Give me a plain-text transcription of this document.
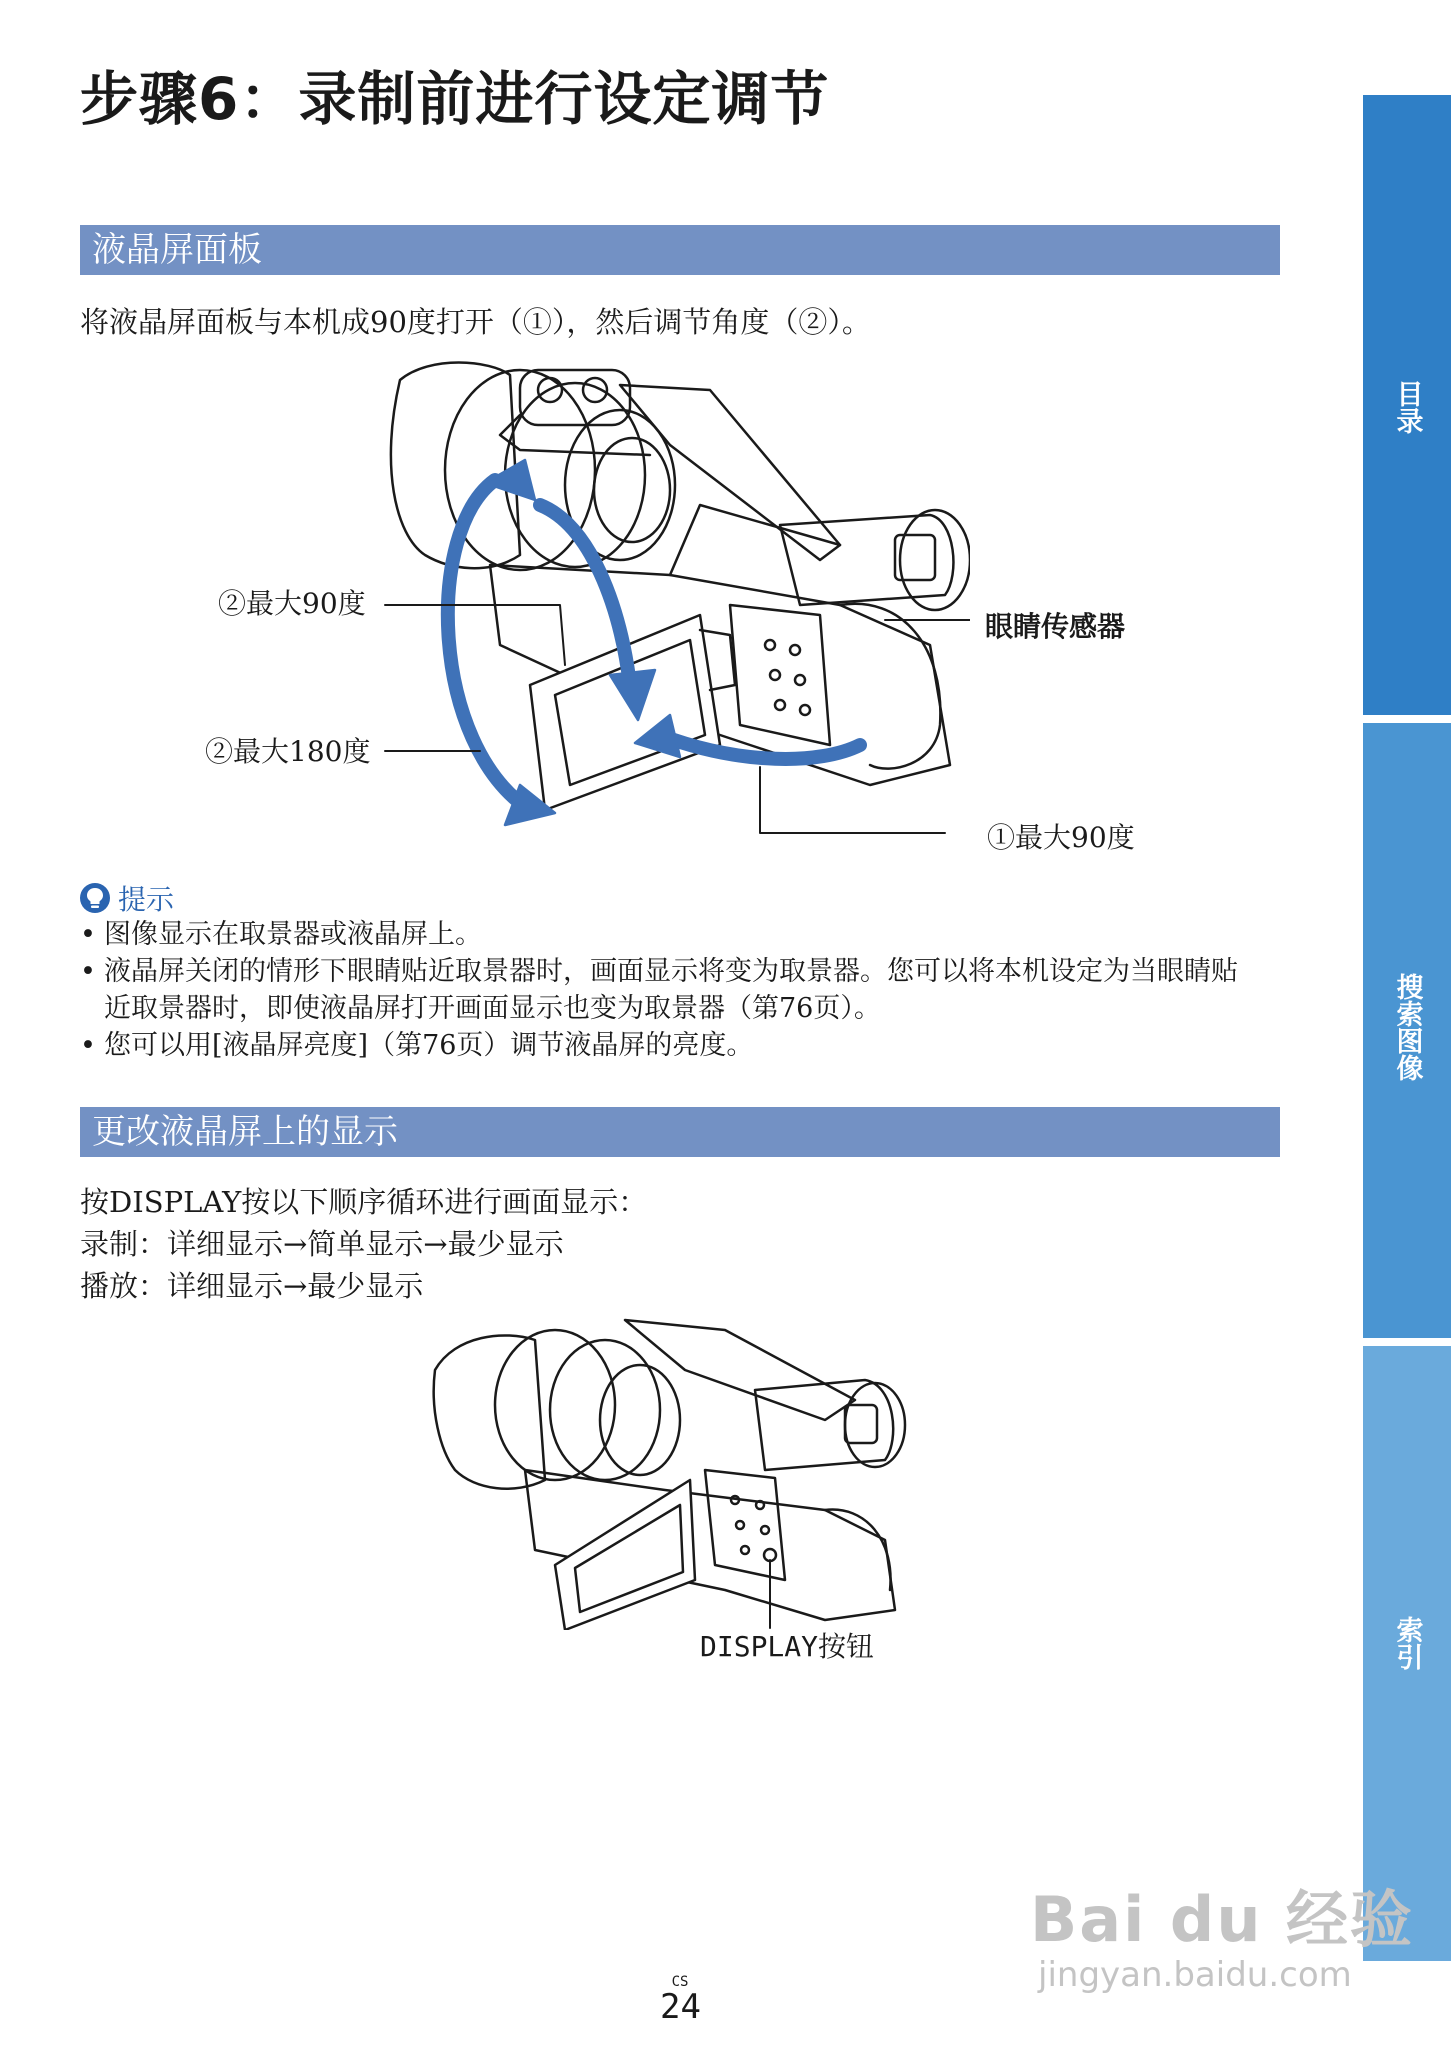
步骤6：录制前进行设定调节
液晶屏面板

将液晶屏面板与本机成90度打开（①），然后调节角度（②）。

②最大90度
②最大180度
眼睛传感器
①最大90度
提示
• 图像显示在取景器或液晶屏上。
• 液晶屏关闭的情形下眼睛贴近取景器时，画面显示将变为取景器。您可以将本机设定为当眼睛贴
近取景器时，即使液晶屏打开画面显示也变为取景器（第76页）。
• 您可以用[液晶屏亮度]（第76页）调节液晶屏的亮度。
更改液晶屏上的显示

按DISPLAY按以下顺序循环进行画面显示：

录制：详细显示→简单显示→最少显示

播放：详细显示→最少显示

DISPLAY按钮
目录
搜索图像
索引
CS
24
Bai du 经验
jingyan.baidu.com
